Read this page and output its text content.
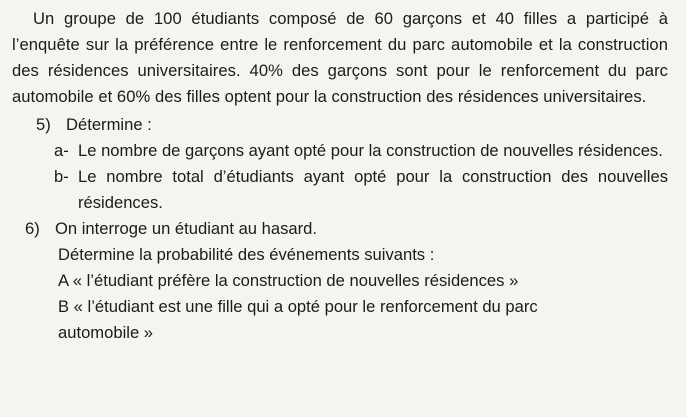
Un groupe de 100 étudiants composé de 60 garçons et 40 filles a participé à l’enquête sur la préférence entre le renforcement du parc automobile et la construction des résidences universitaires. 40% des garçons sont pour le renforcement du parc automobile et 60% des filles optent pour la construction des résidences universitaires.

5) Détermine :
a- Le nombre de garçons ayant opté pour la construction de nouvelles résidences.
b- Le nombre total d’étudiants ayant opté pour la construction des nouvelles résidences.
6) On interroge un étudiant au hasard.

Détermine la probabilité des événements suivants :

A « l’étudiant préfère la construction de nouvelles résidences »

B « l’étudiant est une fille qui a opté pour le renforcement du parc

automobile »
